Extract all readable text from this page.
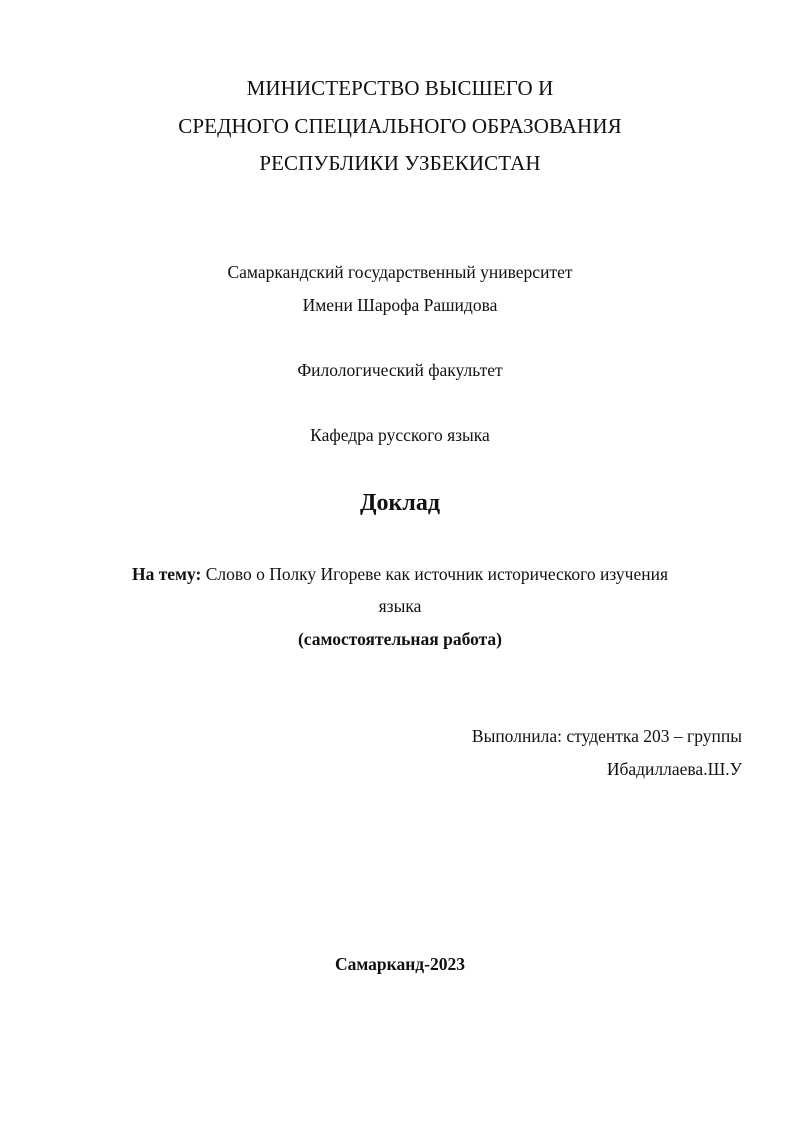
МИНИСТЕРСТВО ВЫСШЕГО И
СРЕДНОГО СПЕЦИАЛЬНОГО ОБРАЗОВАНИЯ
РЕСПУБЛИКИ УЗБЕКИСТАН
Самаркандский государственный университет
Имени Шарофа Рашидова
Филологический факультет
Кафедра русского языка
Доклад
На тему: Слово о Полку Игореве как источник исторического изучения
языка
(самостоятельная работа)
Выполнила: студентка 203 – группы
Ибадиллаева.Ш.У
Самарканд-2023
